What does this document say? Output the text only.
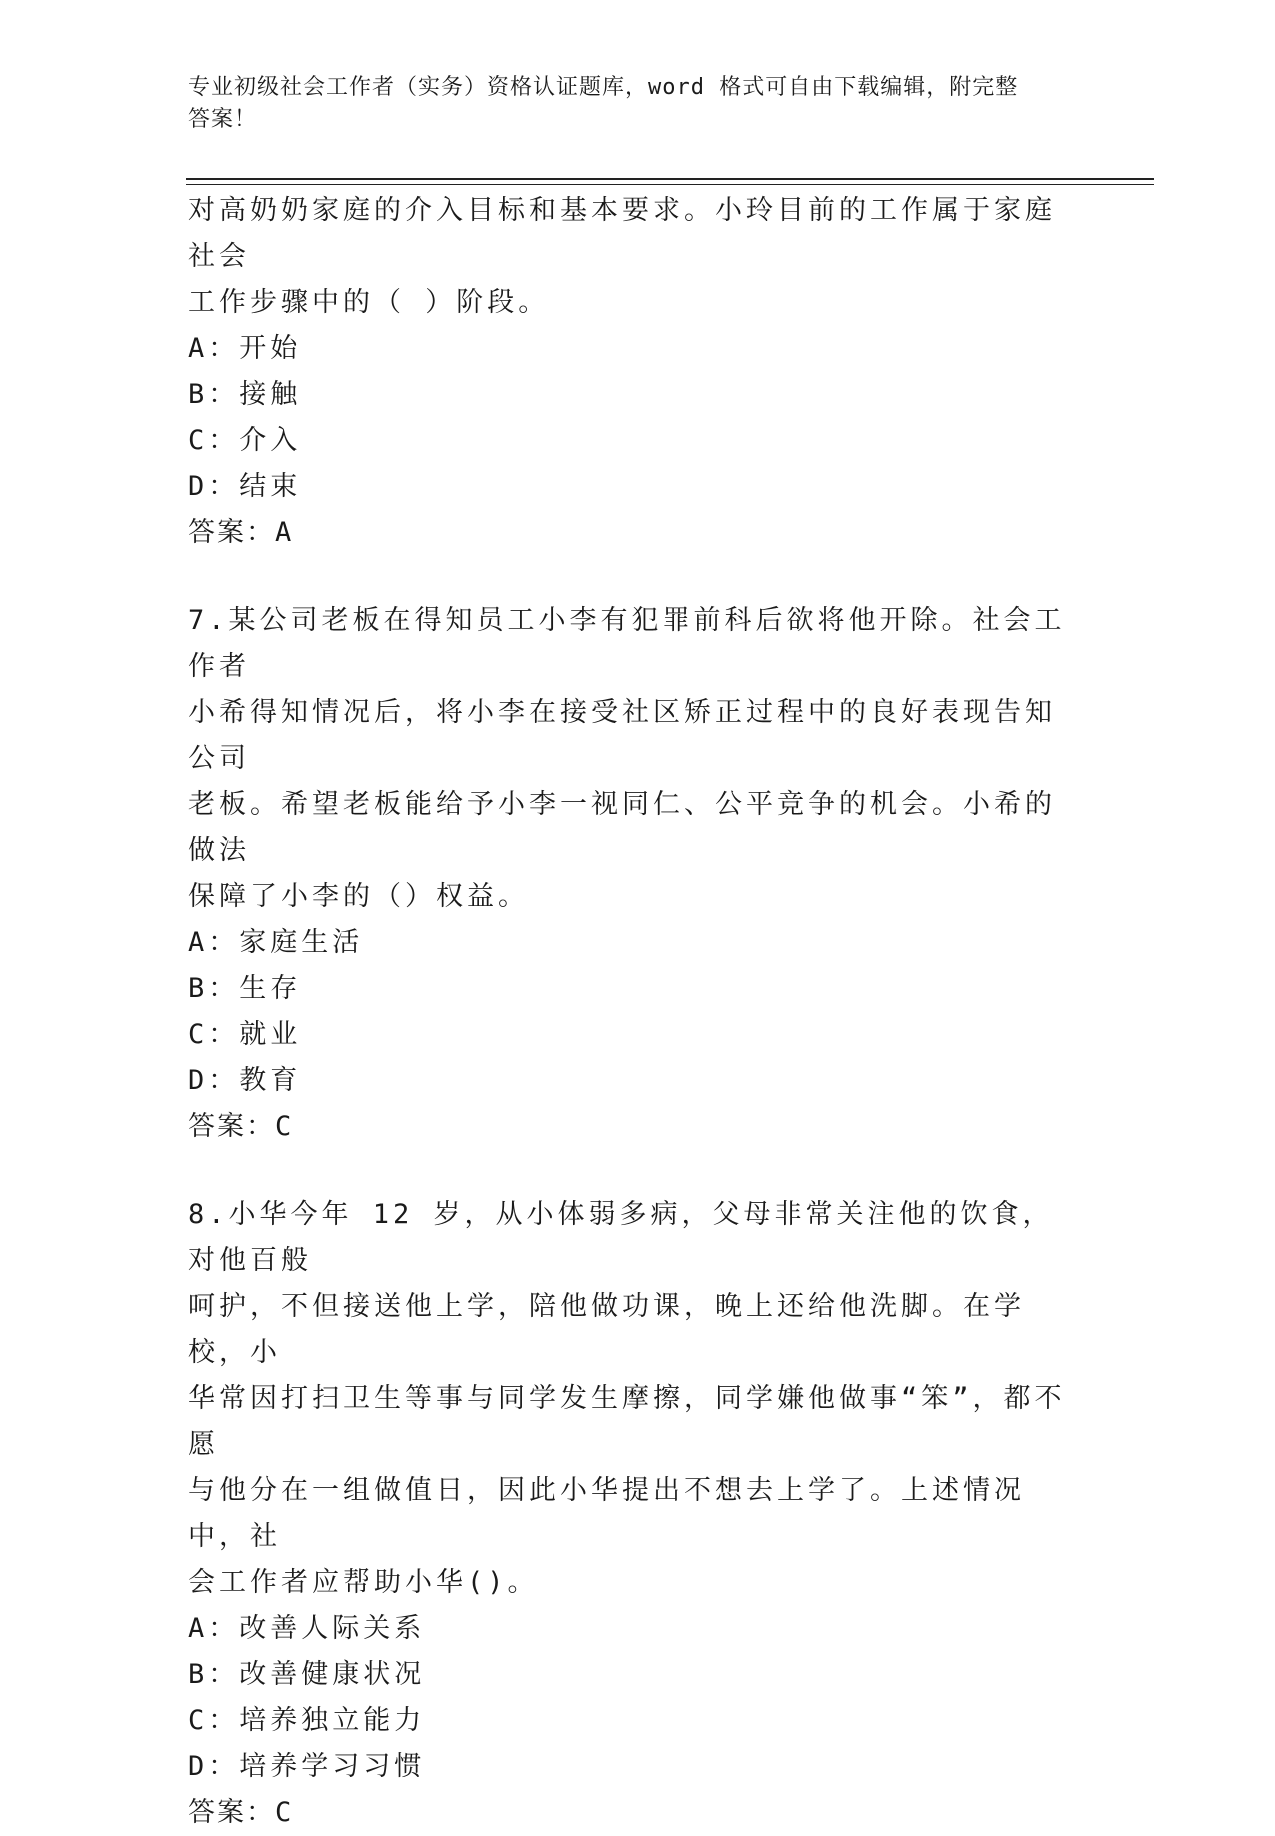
专业初级社会工作者（实务）资格认证题库，word 格式可自由下载编辑，附完整
答案！

对高奶奶家庭的介入目标和基本要求。小玲目前的工作属于家庭社会

工作步骤中的（ ）阶段。

A：开始

B：接触

C：介入

D：结束

答案：A

7.某公司老板在得知员工小李有犯罪前科后欲将他开除。社会工作者

小希得知情况后，将小李在接受社区矫正过程中的良好表现告知公司

老板。希望老板能给予小李一视同仁、公平竞争的机会。小希的做法

保障了小李的（）权益。

A：家庭生活

B：生存

C：就业

D：教育

答案：C

8.小华今年 12 岁，从小体弱多病，父母非常关注他的饮食，对他百般

呵护，不但接送他上学，陪他做功课，晚上还给他洗脚。在学校，小

华常因打扫卫生等事与同学发生摩擦，同学嫌他做事“笨”，都不愿

与他分在一组做值日，因此小华提出不想去上学了。上述情况中，社

会工作者应帮助小华()。

A：改善人际关系

B：改善健康状况

C：培养独立能力

D：培养学习习惯

答案：C
